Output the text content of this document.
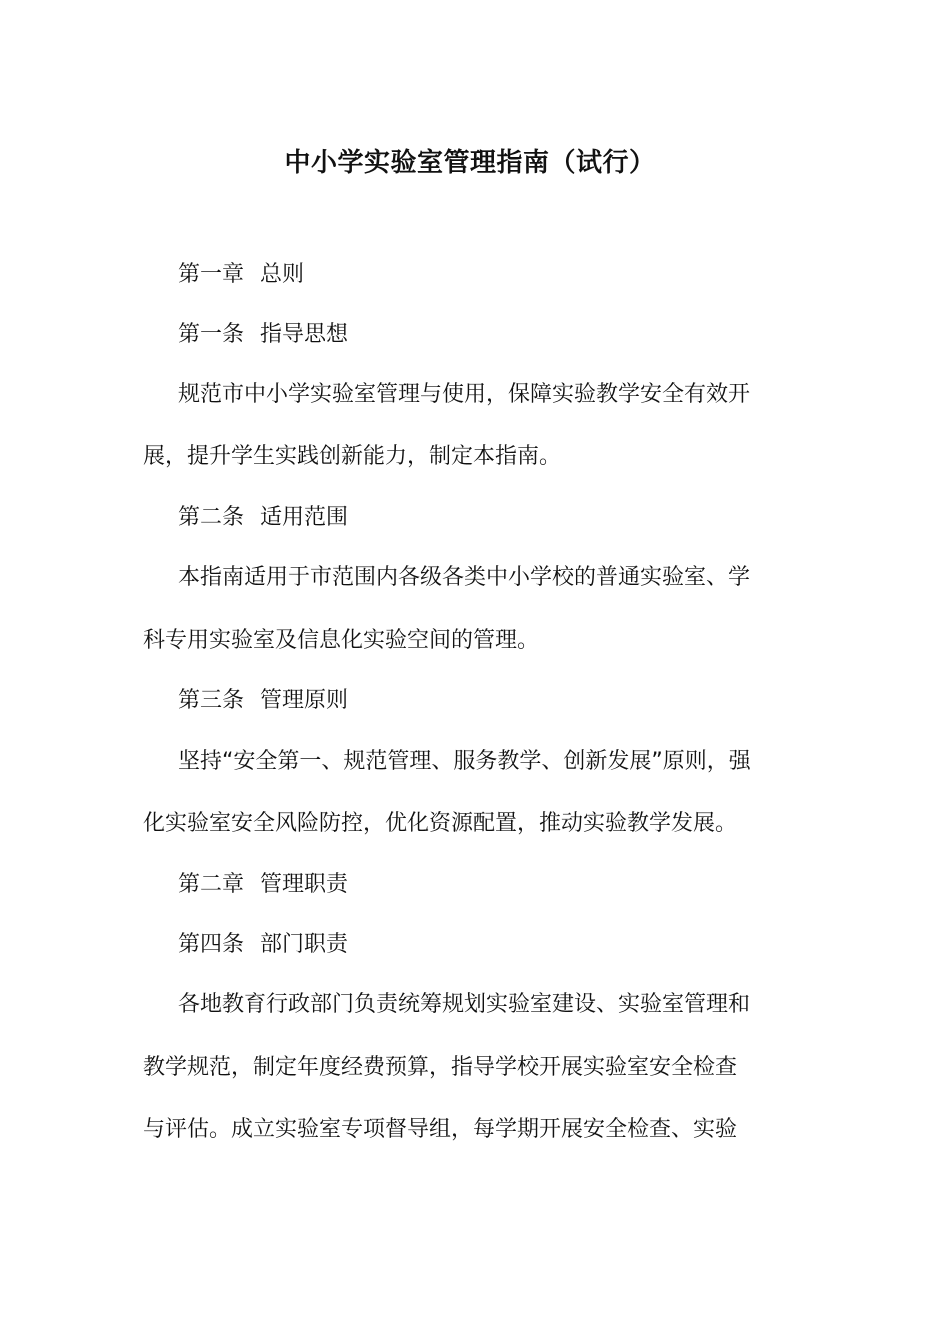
中小学实验室管理指南（试行）
第一章 总则
第一条 指导思想
规范市中小学实验室管理与使用，保障实验教学安全有效开
展，提升学生实践创新能力，制定本指南。
第二条 适用范围
本指南适用于市范围内各级各类中小学校的普通实验室、学
科专用实验室及信息化实验空间的管理。
第三条 管理原则
坚持“安全第一、规范管理、服务教学、创新发展”原则，强
化实验室安全风险防控，优化资源配置，推动实验教学发展。
第二章 管理职责
第四条 部门职责
各地教育行政部门负责统筹规划实验室建设、实验室管理和
教学规范，制定年度经费预算，指导学校开展实验室安全检查
与评估。成立实验室专项督导组，每学期开展安全检查、实验
